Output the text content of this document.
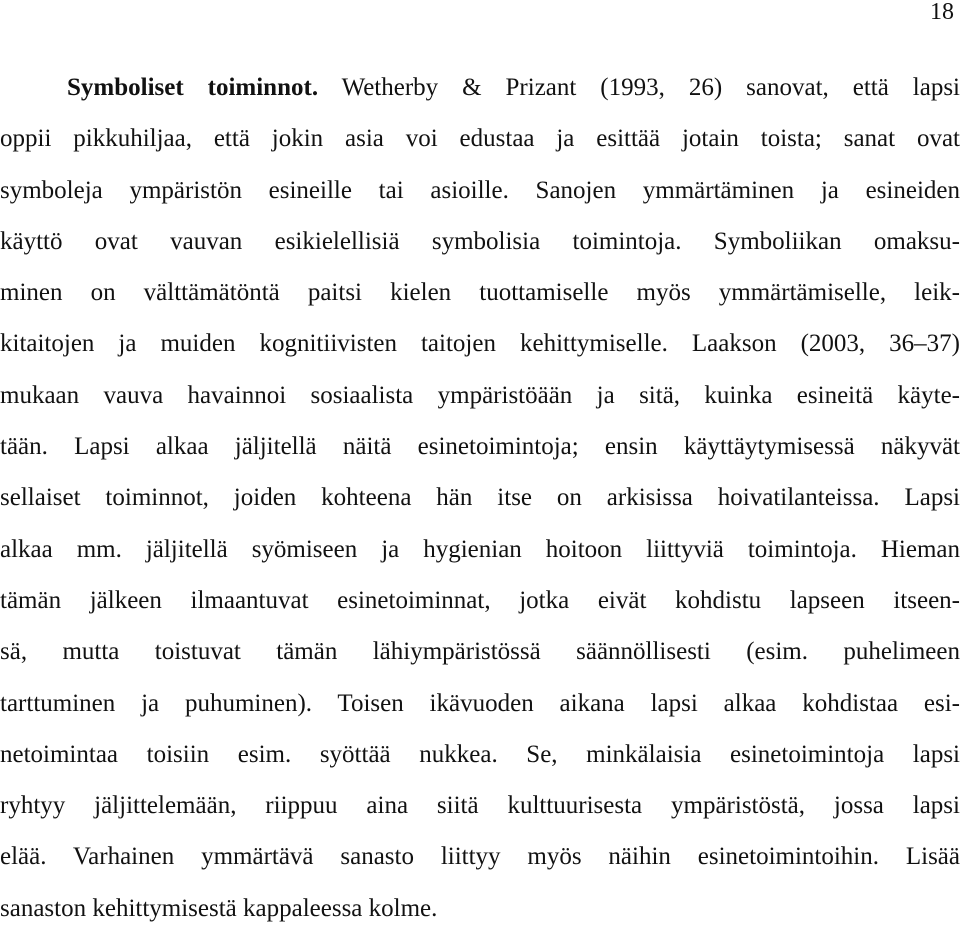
18
Symboliset toiminnot. Wetherby & Prizant (1993, 26) sanovat, että lapsi
oppii pikkuhiljaa, että jokin asia voi edustaa ja esittää jotain toista; sanat ovat
symboleja ympäristön esineille tai asioille. Sanojen ymmärtäminen ja esineiden
käyttö ovat vauvan esikielellisiä symbolisia toimintoja. Symboliikan omaksu-
minen on välttämätöntä paitsi kielen tuottamiselle myös ymmärtämiselle, leik-
kitaitojen ja muiden kognitiivisten taitojen kehittymiselle. Laakson (2003, 36–37)
mukaan vauva havainnoi sosiaalista ympäristöään ja sitä, kuinka esineitä käyte-
tään. Lapsi alkaa jäljitellä näitä esinetoimintoja; ensin käyttäytymisessä näkyvät
sellaiset toiminnot, joiden kohteena hän itse on arkisissa hoivatilanteissa. Lapsi
alkaa mm. jäljitellä syömiseen ja hygienian hoitoon liittyviä toimintoja. Hieman
tämän jälkeen ilmaantuvat esinetoiminnat, jotka eivät kohdistu lapseen itseen-
sä, mutta toistuvat tämän lähiympäristössä säännöllisesti (esim. puhelimeen
tarttuminen ja puhuminen). Toisen ikävuoden aikana lapsi alkaa kohdistaa esi-
netoimintaa toisiin esim. syöttää nukkea. Se, minkälaisia esinetoimintoja lapsi
ryhtyy jäljittelemään, riippuu aina siitä kulttuurisesta ympäristöstä, jossa lapsi
elää. Varhainen ymmärtävä sanasto liittyy myös näihin esinetoimintoihin. Lisää
sanaston kehittymisestä kappaleessa kolme.
